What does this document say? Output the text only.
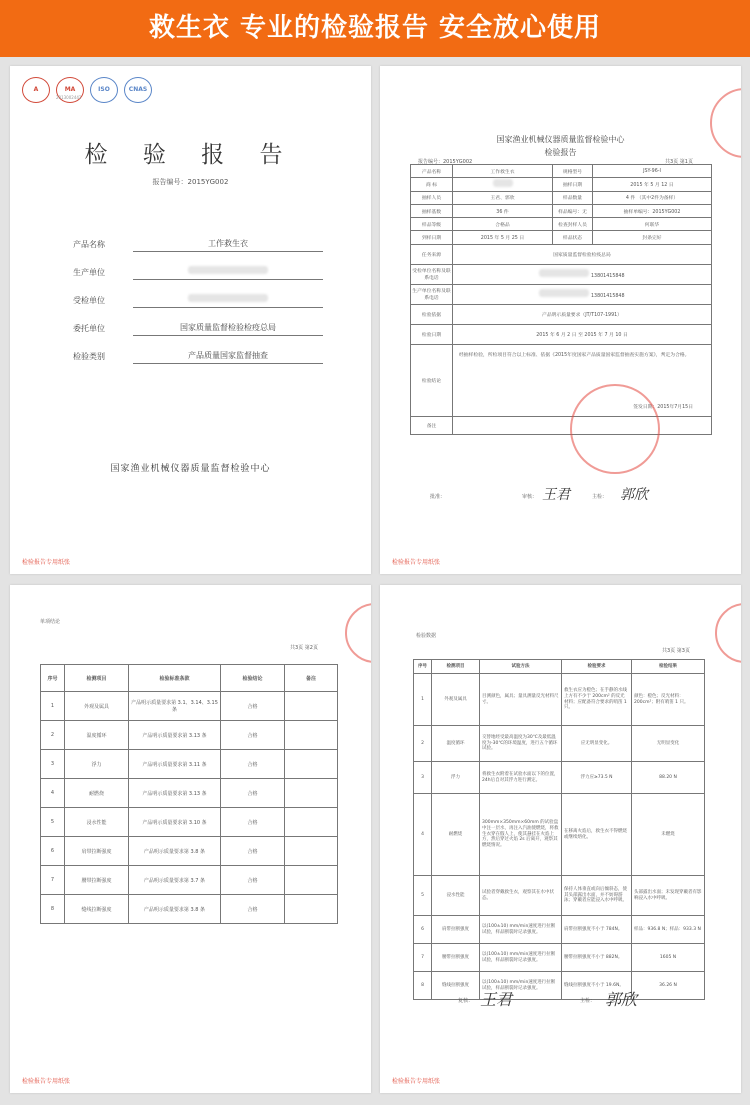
救生衣 专业的检验报告 安全放心使用
A	MA	ISO	CNAS
2013002442
检 验 报 告
报告编号：2015YG002
产品名称	工作救生衣
生产单位
受检单位
委托单位	国家质量监督检验检疫总局
检验类别	产品质量国家监督抽查
国家渔业机械仪器质量监督检验中心
检验报告专用纸张
国家渔业机械仪器质量监督检验中心
检验报告
报告编号：2015YG002	共3页 第1页
产品名称	工作救生衣	规格型号	JSY-96-I
商 标		抽样日期	2015 年 5 月 12 日
抽样人员	王君、郭欣	样品数量	4 件 （其中2件为备样）
抽样基数	36 件	样品编号：无	抽样单编号：2015YG002
样品等级	合格品	检查封样人员	何联华
到样日期	2015 年 5 月 25 日	样品状态	封条完好
任务来源	国家质量监督检验检疫总局		
受检单位名称及联系电话	13801415848		
生产单位名称及联系电话	13801415848		
检验依据	产品明示质量要求（JT/T107-1991）		
检验日期	2015 年 6 月 2 日 至 2015 年 7 月 10 日		
检验结论	经抽样检验，所检项目符合以上标准、依据《2015年度国家产品质量国家监督抽查实施方案》，判定为合格。
签发日期：2015年7月15日		

备注			
批准：	审核： 王君	主检： 郭欣
检验报告专用纸张
单项结论
共3页 第2页
序号	检测项目	检验标准条款	检验结论	备注
1	外观及属具	产品明示质量要求第 3.1、3.14、3.15 条	合格	
2	温度循环	产品明示质量要求第 3.13 条	合格	
3	浮力	产品明示质量要求第 3.11 条	合格	
4	耐燃烧	产品明示质量要求第 3.13 条	合格	
5	浸水性能	产品明示质量要求第 3.10 条	合格	
6	肩带拉断强度	产品明示质量要求第 3.8 条	合格	
7	腰带拉断强度	产品明示质量要求第 3.7 条	合格	
8	缝线拉断强度	产品明示质量要求第 3.8 条	合格	
检验报告专用纸张
检验数据
共3页 第3页
序号	检测项目	试验方法	检验要求	检验结果
1	外观及属具	目测颜色，属具；量具测量反光材料尺寸。	救生衣应为橙色；在手静的水线上方有不少于 200cm² 的反光材料；应配备符合要求的哨笛 1 只。	颜色：橙色；反光材料：200cm²；附有哨笛 1 只。
2	温度循环	交替地经受最高温度为30℃及最低温度为-30℃的环境温度，进行五个循环试验。	应无明显变化。	无明显变化
3	浮力	将救生衣附着在试验水面以下的位置，24h后自对其浮力进行测定。	浮力应≥73.5 N	88.20 N
4	耐燃烧	300mm×350mm×60mm 的试验盘中注一层水，再注入汽油使燃烧，将救生衣穿在假人上，使其悬挂在火焰上方，然后穿过火焰 2s 后离开，观察其燃烧情况。	在移离火焰后，救生衣不得燃烧或继续熔化。	未燃烧
5	浸水性能	试验者穿戴救生衣，观察其在水中状态。	保持人体垂直或向后倾斜态，使其头部露出水面，并不妨碍游泳；穿戴者应能浸入水中呼吸。	头部露出水面；未发现穿戴者有影响浸入水中呼吸。
6	肩带拉断强度	以(100±10) mm/min速度进行拉断试验，样品断裂时记录强度。	肩带拉断强度不小于 784N。	样品：936.8 N；样品：933.3 N
7	腰带拉断强度	以(100±10) mm/min速度进行拉断试验，样品断裂时记录强度。	腰带拉断强度不小于 882N。	1605 N
8	缝线拉断强度	以(100±10) mm/min速度进行拉断试验，样品断裂时记录强度。	缝线拉断强度不小于 19.6N。	36.26 N
复核： 王君	主检： 郭欣
检验报告专用纸张
